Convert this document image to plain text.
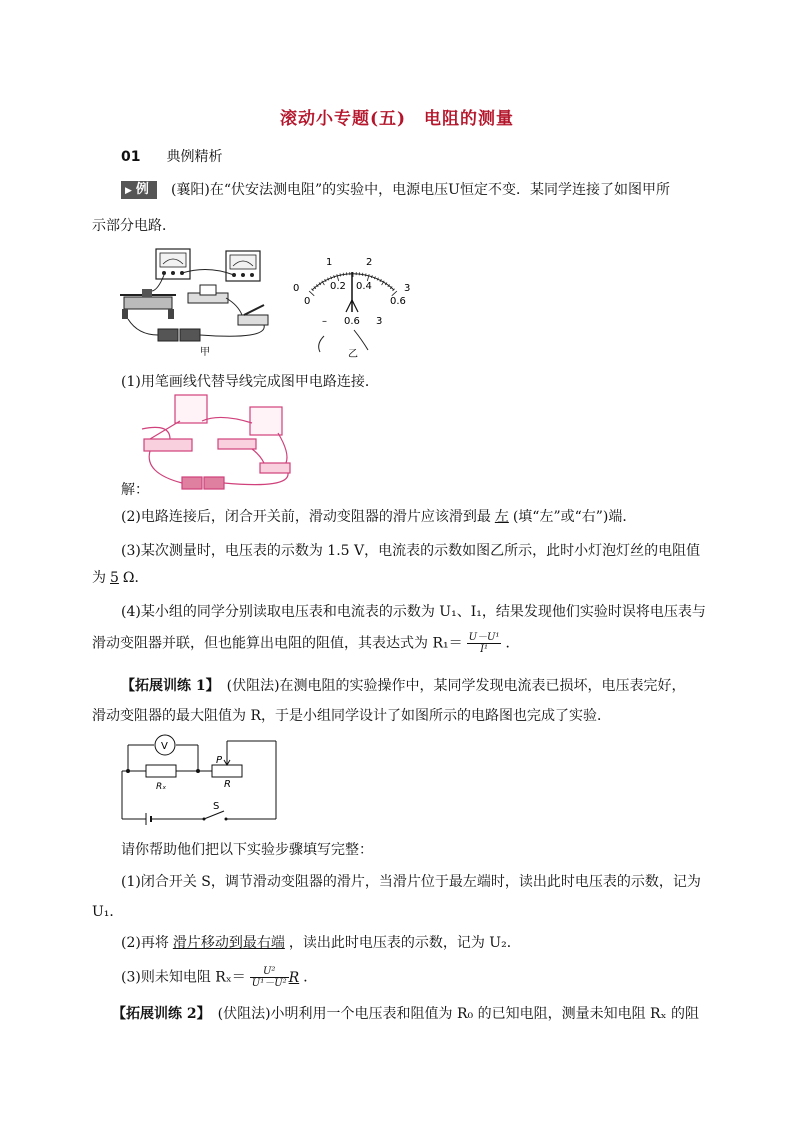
滚动小专题(五)　电阻的测量
01 典例精析
▶ 例 (襄阳)在“伏安法测电阻”的实验中，电源电压U恒定不变．某同学连接了如图甲所
示部分电路．
甲
0
1	2
3
0
0.2 0.4
0.6
– 0.6 3
乙
(1)用笔画线代替导线完成图甲电路连接．
解：
(2)电路连接后，闭合开关前，滑动变阻器的滑片应该滑到最 左 (填“左”或“右”)端．
(3)某次测量时，电压表的示数为 1.5 V，电流表的示数如图乙所示，此时小灯泡灯丝的电阻值
为 5 Ω．
(4)某小组的同学分别读取电压表和电流表的示数为 U₁、I₁，结果发现他们实验时误将电压表与
滑动变阻器并联，但也能算出电阻的阻值，其表达式为 $R_1= \frac{\text{U－U¹}}{\text{I¹}}$ ．
【拓展训练 1】　(伏阻法)在测电阻的实验操作中，某同学发现电流表已损坏，电压表完好，
滑动变阻器的最大阻值为 R，于是小组同学设计了如图所示的电路图也完成了实验．
V
P
R
Rₓ
S
请你帮助他们把以下实验步骤填写完整：
(1)闭合开关 S，调节滑动变阻器的滑片，当滑片位于最左端时，读出此时电压表的示数，记为
U₁．
(2)再将 滑片移动到最右端 ，读出此时电压表的示数，记为 U₂．
(3)则未知电阻 $R_x= \frac{\text{U²}}{\text{U¹－U²}}$ R ．
【拓展训练 2】　(伏阻法)小明利用一个电压表和阻值为 R₀ 的已知电阻，测量未知电阻 Rₓ 的阻
